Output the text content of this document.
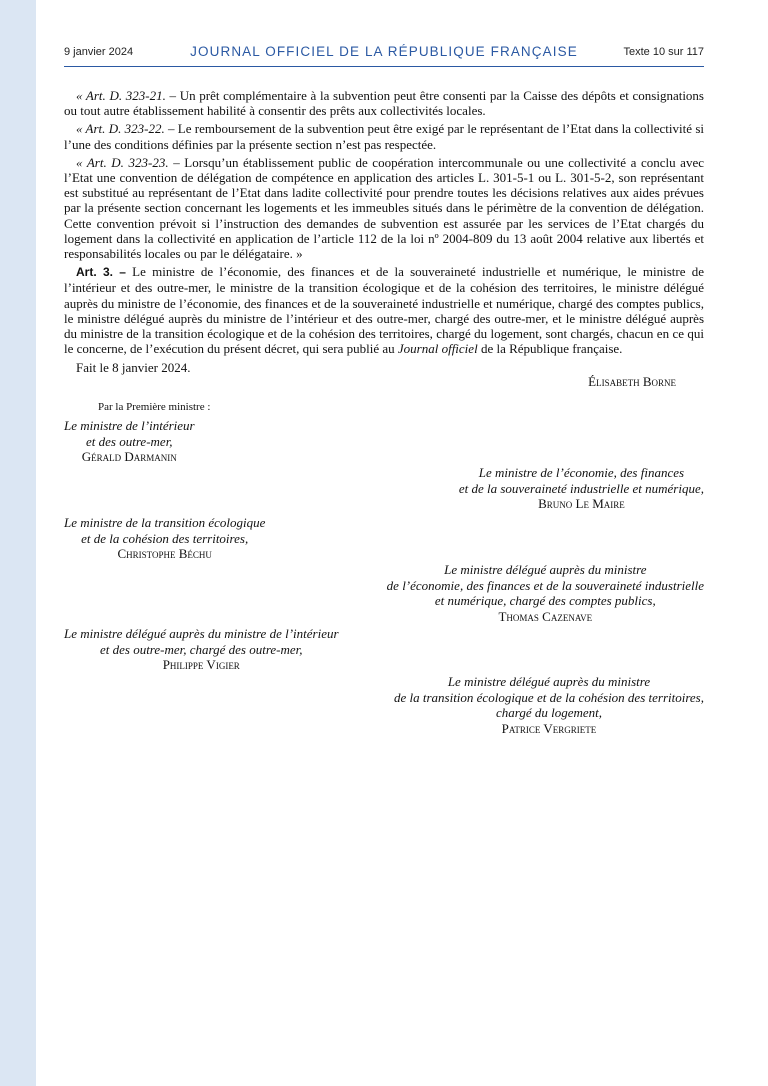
9 janvier 2024	JOURNAL OFFICIEL DE LA RÉPUBLIQUE FRANÇAISE	Texte 10 sur 117

« Art. D. 323-21. – Un prêt complémentaire à la subvention peut être consenti par la Caisse des dépôts et consignations ou tout autre établissement habilité à consentir des prêts aux collectivités locales.

« Art. D. 323-22. – Le remboursement de la subvention peut être exigé par le représentant de l’Etat dans la collectivité si l’une des conditions définies par la présente section n’est pas respectée.

« Art. D. 323-23. – Lorsqu’un établissement public de coopération intercommunale ou une collectivité a conclu avec l’Etat une convention de délégation de compétence en application des articles L. 301-5-1 ou L. 301-5-2, son représentant est substitué au représentant de l’Etat dans ladite collectivité pour prendre toutes les décisions relatives aux aides prévues par la présente section concernant les logements et les immeubles situés dans le périmètre de la convention de délégation. Cette convention prévoit si l’instruction des demandes de subvention est assurée par les services de l’Etat chargés du logement dans la collectivité en application de l’article 112 de la loi nº 2004-809 du 13 août 2004 relative aux libertés et responsabilités locales ou par le délégataire. »

Art. 3. – Le ministre de l’économie, des finances et de la souveraineté industrielle et numérique, le ministre de l’intérieur et des outre-mer, le ministre de la transition écologique et de la cohésion des territoires, le ministre délégué auprès du ministre de l’économie, des finances et de la souveraineté industrielle et numérique, chargé des comptes publics, le ministre délégué auprès du ministre de l’intérieur et des outre-mer, chargé des outre-mer, et le ministre délégué auprès du ministre de la transition écologique et de la cohésion des territoires, chargé du logement, sont chargés, chacun en ce qui le concerne, de l’exécution du présent décret, qui sera publié au Journal officiel de la République française.

Fait le 8 janvier 2024.

Élisabeth Borne
Par la Première ministre :
Le ministre de l’intérieur
et des outre-mer,
Gérald Darmanin
Le ministre de l’économie, des finances
et de la souveraineté industrielle et numérique,
Bruno Le Maire
Le ministre de la transition écologique
et de la cohésion des territoires,
Christophe Béchu
Le ministre délégué auprès du ministre
de l’économie, des finances et de la souveraineté industrielle
et numérique, chargé des comptes publics,
Thomas Cazenave
Le ministre délégué auprès du ministre de l’intérieur
et des outre-mer, chargé des outre-mer,
Philippe Vigier
Le ministre délégué auprès du ministre
de la transition écologique et de la cohésion des territoires,
chargé du logement,
Patrice Vergriete
